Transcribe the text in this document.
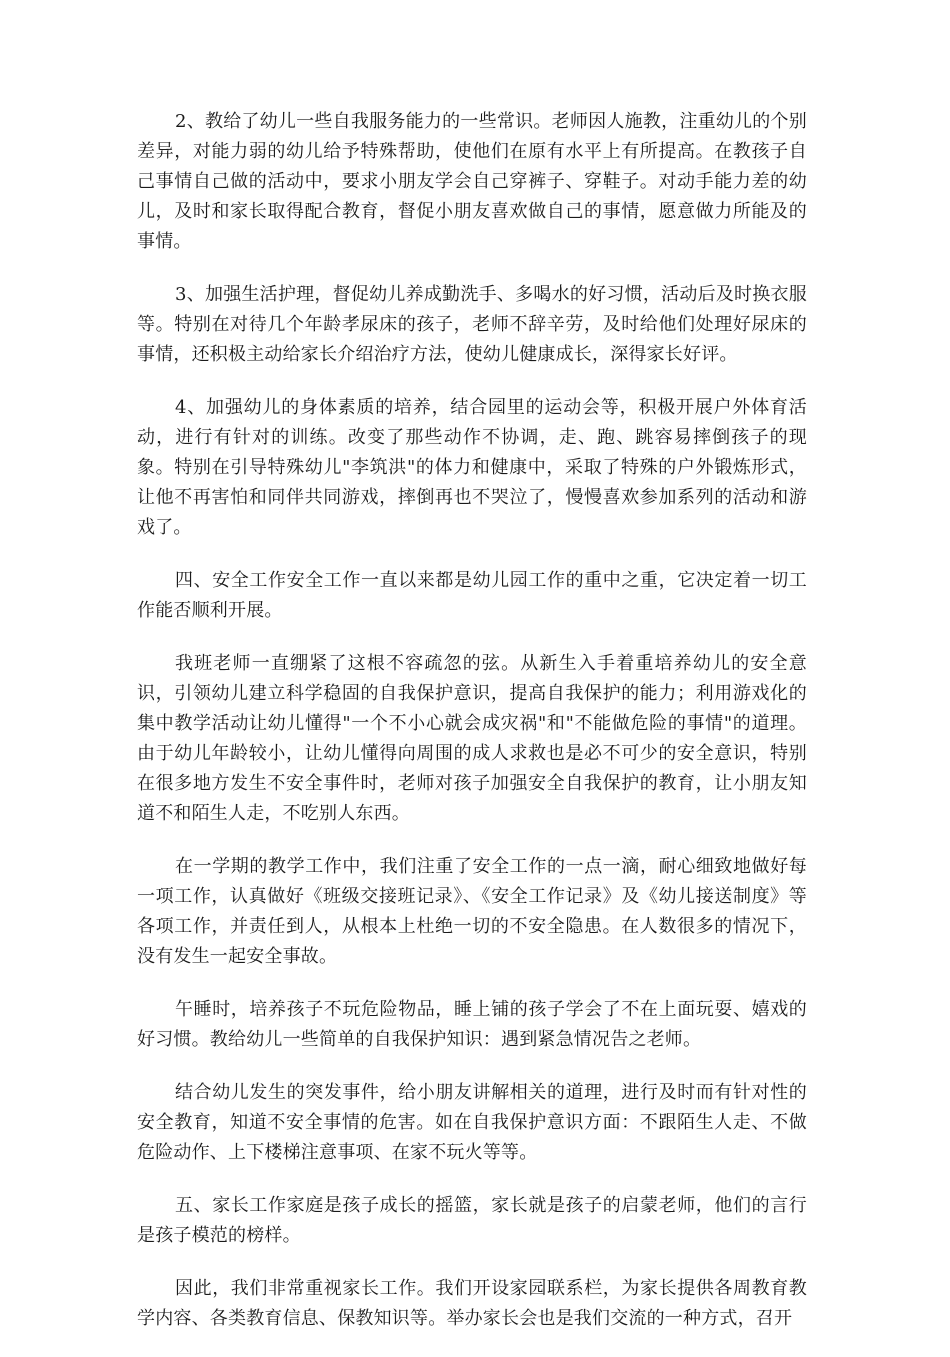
2、教给了幼儿一些自我服务能力的一些常识。老师因人施教，注重幼儿的个别差异，对能力弱的幼儿给予特殊帮助，使他们在原有水平上有所提高。在教孩子自己事情自己做的活动中，要求小朋友学会自己穿裤子、穿鞋子。对动手能力差的幼儿，及时和家长取得配合教育，督促小朋友喜欢做自己的事情，愿意做力所能及的事情。

3、加强生活护理，督促幼儿养成勤洗手、多喝水的好习惯，活动后及时换衣服等。特别在对待几个年龄孝尿床的孩子，老师不辞辛劳，及时给他们处理好尿床的事情，还积极主动给家长介绍治疗方法，使幼儿健康成长，深得家长好评。

4、加强幼儿的身体素质的培养，结合园里的运动会等，积极开展户外体育活动，进行有针对的训练。改变了那些动作不协调，走、跑、跳容易摔倒孩子的现象。特别在引导特殊幼儿"李筑洪"的体力和健康中，采取了特殊的户外锻炼形式，让他不再害怕和同伴共同游戏，摔倒再也不哭泣了，慢慢喜欢参加系列的活动和游戏了。

四、安全工作安全工作一直以来都是幼儿园工作的重中之重，它决定着一切工作能否顺利开展。

我班老师一直绷紧了这根不容疏忽的弦。从新生入手着重培养幼儿的安全意识，引领幼儿建立科学稳固的自我保护意识，提高自我保护的能力；利用游戏化的集中教学活动让幼儿懂得"一个不小心就会成灾祸"和"不能做危险的事情"的道理。由于幼儿年龄较小，让幼儿懂得向周围的成人求救也是必不可少的安全意识，特别在很多地方发生不安全事件时，老师对孩子加强安全自我保护的教育，让小朋友知道不和陌生人走，不吃别人东西。

在一学期的教学工作中，我们注重了安全工作的一点一滴，耐心细致地做好每一项工作，认真做好《班级交接班记录》、《安全工作记录》及《幼儿接送制度》等各项工作，并责任到人，从根本上杜绝一切的不安全隐患。在人数很多的情况下，没有发生一起安全事故。

午睡时，培养孩子不玩危险物品，睡上铺的孩子学会了不在上面玩耍、嬉戏的好习惯。教给幼儿一些简单的自我保护知识：遇到紧急情况告之老师。

结合幼儿发生的突发事件，给小朋友讲解相关的道理，进行及时而有针对性的安全教育，知道不安全事情的危害。如在自我保护意识方面：不跟陌生人走、不做危险动作、上下楼梯注意事项、在家不玩火等等。

五、家长工作家庭是孩子成长的摇篮，家长就是孩子的启蒙老师，他们的言行是孩子模范的榜样。

因此，我们非常重视家长工作。我们开设家园联系栏，为家长提供各周教育教学内容、各类教育信息、保教知识等。举办家长会也是我们交流的一种方式，召开
